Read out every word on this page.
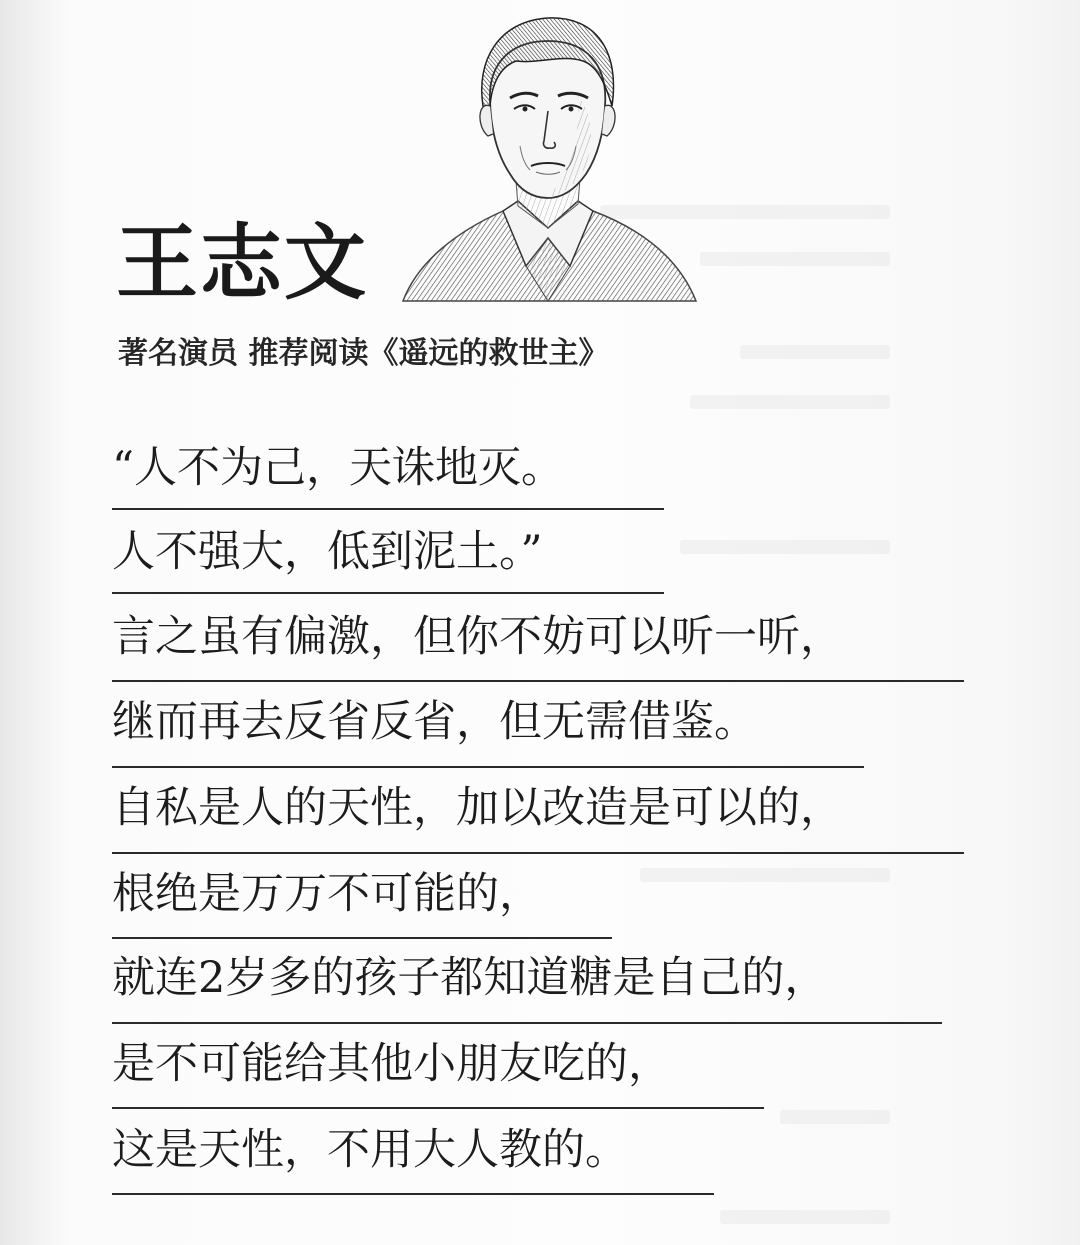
王志文

著名演员 推荐阅读《遥远的救世主》

“人不为己，天诛地灭。

人不强大，低到泥土。”

言之虽有偏激，但你不妨可以听一听，

继而再去反省反省，但无需借鉴。

自私是人的天性，加以改造是可以的，

根绝是万万不可能的，

就连2岁多的孩子都知道糖是自己的，

是不可能给其他小朋友吃的，

这是天性，不用大人教的。
